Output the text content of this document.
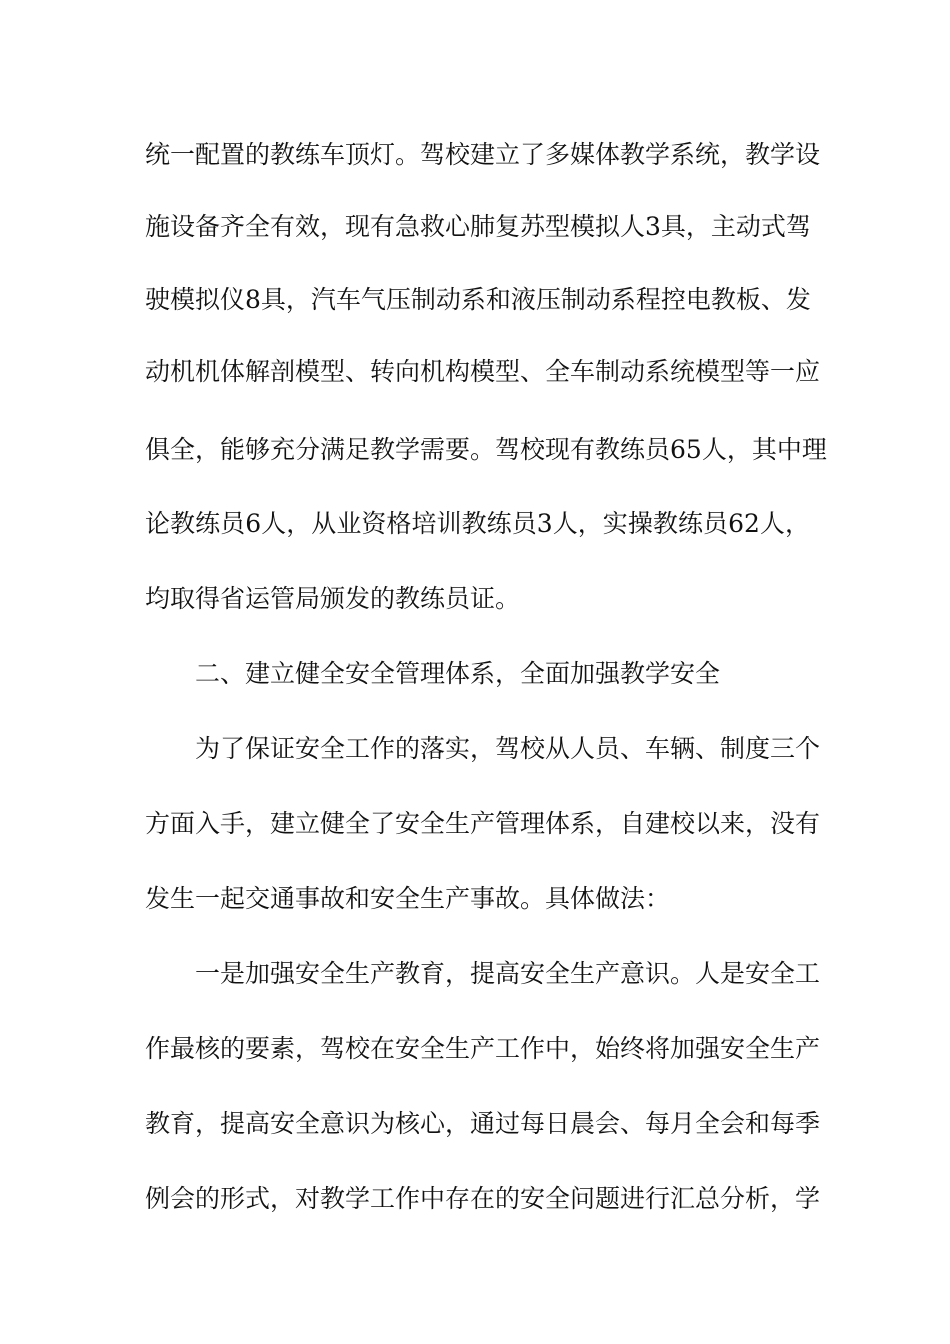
统一配置的教练车顶灯。驾校建立了多媒体教学系统，教学设
施设备齐全有效，现有急救心肺复苏型模拟人3具，主动式驾
驶模拟仪8具，汽车气压制动系和液压制动系程控电教板、发
动机机体解剖模型、转向机构模型、全车制动系统模型等一应
俱全，能够充分满足教学需要。驾校现有教练员65人，其中理
论教练员6人，从业资格培训教练员3人，实操教练员62人，
均取得省运管局颁发的教练员证。
二、建立健全安全管理体系，全面加强教学安全
为了保证安全工作的落实，驾校从人员、车辆、制度三个
方面入手，建立健全了安全生产管理体系，自建校以来，没有
发生一起交通事故和安全生产事故。具体做法：
一是加强安全生产教育，提高安全生产意识。人是安全工
作最核的要素，驾校在安全生产工作中，始终将加强安全生产
教育，提高安全意识为核心，通过每日晨会、每月全会和每季
例会的形式，对教学工作中存在的安全问题进行汇总分析，学
